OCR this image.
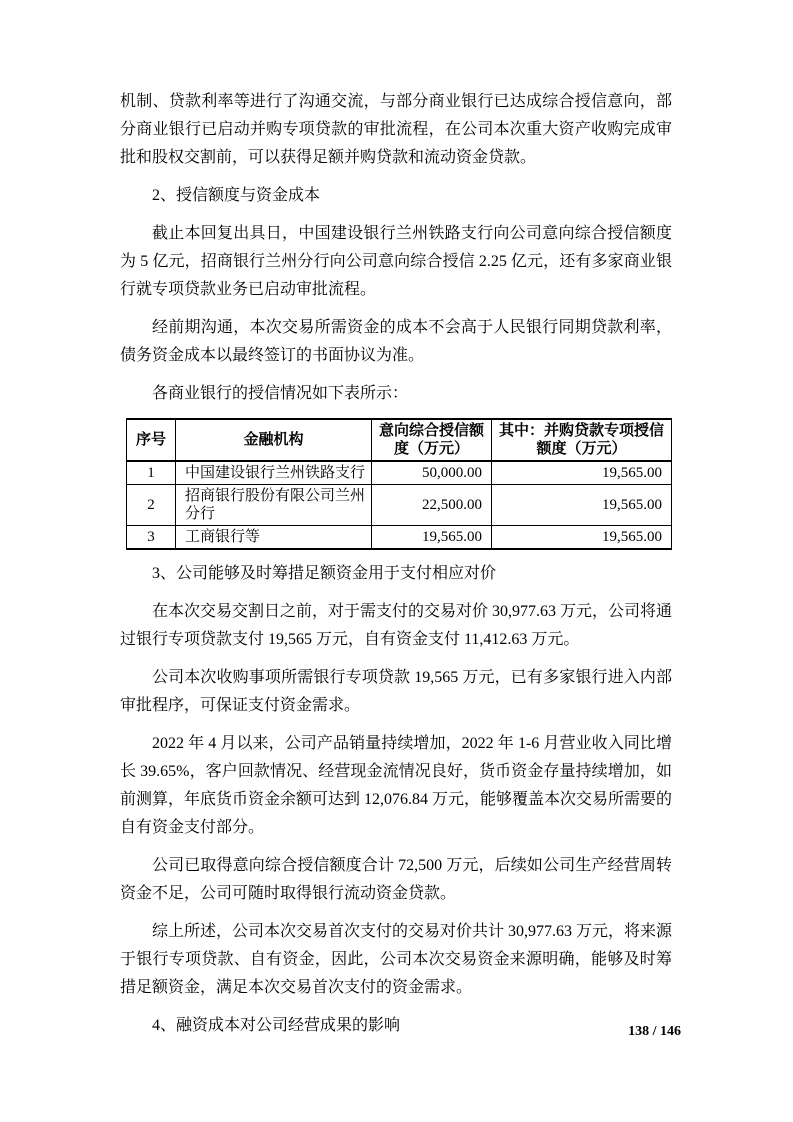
机制、贷款利率等进行了沟通交流，与部分商业银行已达成综合授信意向，部分商业银行已启动并购专项贷款的审批流程，在公司本次重大资产收购完成审批和股权交割前，可以获得足额并购贷款和流动资金贷款。

2、授信额度与资金成本

截止本回复出具日，中国建设银行兰州铁路支行向公司意向综合授信额度为 5 亿元，招商银行兰州分行向公司意向综合授信 2.25 亿元，还有多家商业银行就专项贷款业务已启动审批流程。

经前期沟通，本次交易所需资金的成本不会高于人民银行同期贷款利率，债务资金成本以最终签订的书面协议为准。

各商业银行的授信情况如下表所示：

序号	金融机构	意向综合授信额度（万元）	其中：并购贷款专项授信额度（万元）
1	中国建设银行兰州铁路支行	50,000.00	19,565.00
2	招商银行股份有限公司兰州分行	22,500.00	19,565.00
3	工商银行等	19,565.00	19,565.00

3、公司能够及时筹措足额资金用于支付相应对价

在本次交易交割日之前，对于需支付的交易对价 30,977.63 万元，公司将通过银行专项贷款支付 19,565 万元，自有资金支付 11,412.63 万元。

公司本次收购事项所需银行专项贷款 19,565 万元，已有多家银行进入内部审批程序，可保证支付资金需求。

2022 年 4 月以来，公司产品销量持续增加，2022 年 1-6 月营业收入同比增长 39.65%，客户回款情况、经营现金流情况良好，货币资金存量持续增加，如前测算，年底货币资金余额可达到 12,076.84 万元，能够覆盖本次交易所需要的自有资金支付部分。

公司已取得意向综合授信额度合计 72,500 万元，后续如公司生产经营周转资金不足，公司可随时取得银行流动资金贷款。

综上所述，公司本次交易首次支付的交易对价共计 30,977.63 万元，将来源于银行专项贷款、自有资金，因此，公司本次交易资金来源明确，能够及时筹措足额资金，满足本次交易首次支付的资金需求。

4、融资成本对公司经营成果的影响	138 / 146
